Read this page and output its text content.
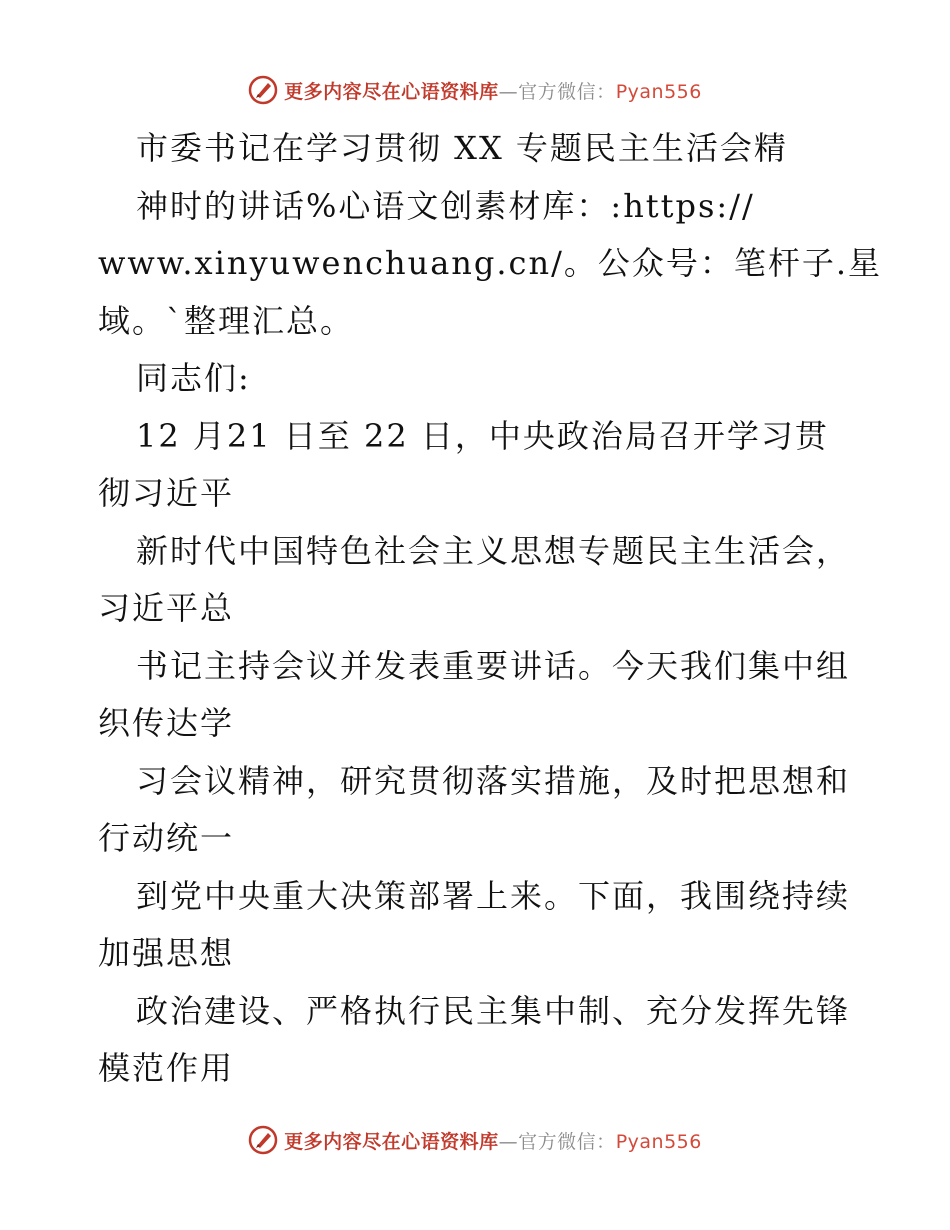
更多内容尽在心语资料库—官方微信：Pyan556
市委书记在学习贯彻 XX 专题民主生活会精
神时的讲话%心语文创素材库：:https://
www.xinyuwenchuang.cn/。公众号：笔杆子.星
域。`整理汇总。
同志们:
12 月21 日至 22 日，中央政治局召开学习贯
彻习近平
新时代中国特色社会主义思想专题民主生活会，
习近平总
书记主持会议并发表重要讲话。今天我们集中组
织传达学
习会议精神，研究贯彻落实措施，及时把思想和
行动统一
到党中央重大决策部署上来。下面，我围绕持续
加强思想
政治建设、严格执行民主集中制、充分发挥先锋
模范作用
更多内容尽在心语资料库—官方微信：Pyan556
